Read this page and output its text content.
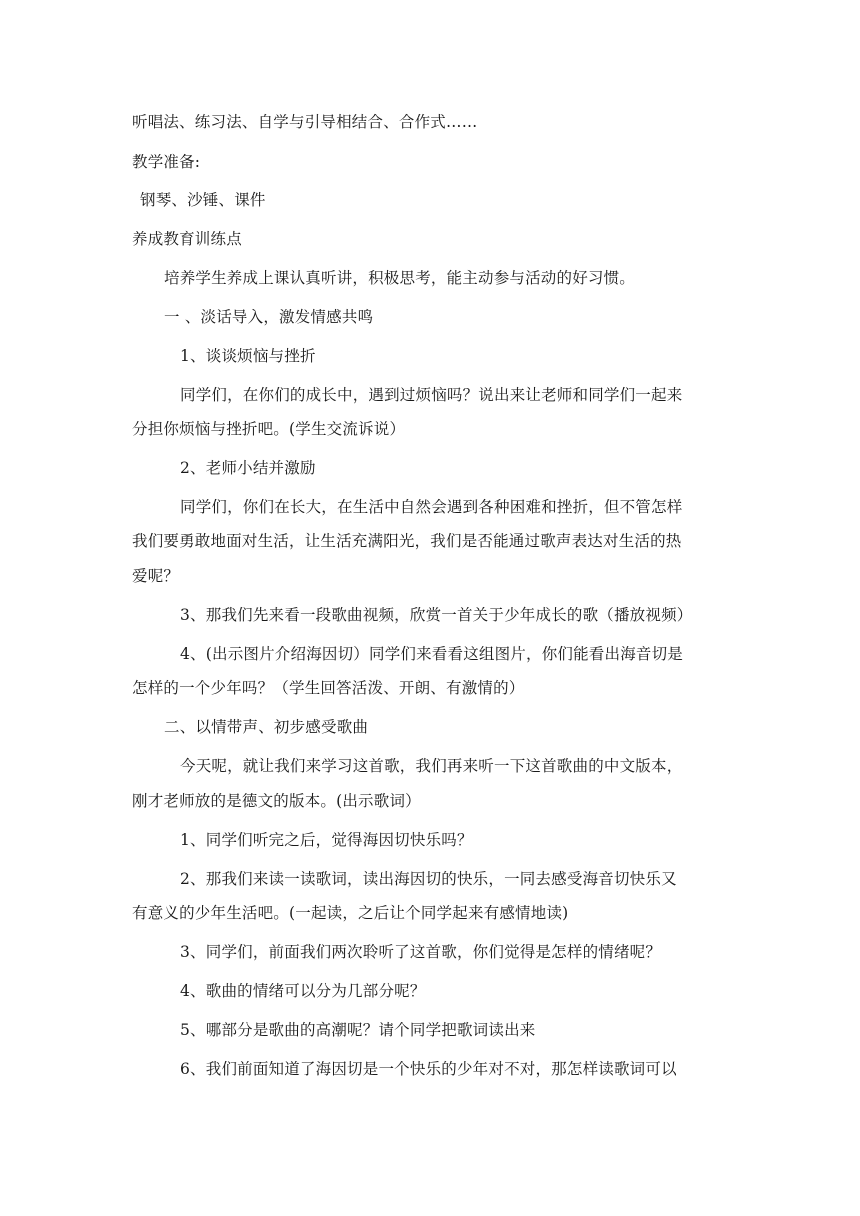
听唱法、练习法、自学与引导相结合、合作式……
教学准备:
钢琴、沙锤、课件
养成教育训练点
培养学生养成上课认真听讲，积极思考，能主动参与活动的好习惯。
一 、淡话导入，激发情感共鸣
1、谈谈烦恼与挫折
同学们，在你们的成长中，遇到过烦恼吗？说出来让老师和同学们一起来
分担你烦恼与挫折吧。(学生交流诉说）
2、老师小结并激励
同学们，你们在长大，在生活中自然会遇到各种困难和挫折，但不管怎样
我们要勇敢地面对生活，让生活充满阳光，我们是否能通过歌声表达对生活的热
爱呢？
3、那我们先来看一段歌曲视频，欣赏一首关于少年成长的歌（播放视频）
4、(出示图片介绍海因切）同学们来看看这组图片，你们能看出海音切是
怎样的一个少年吗？（学生回答活泼、开朗、有激情的）
二、以情带声、初步感受歌曲
今天呢，就让我们来学习这首歌，我们再来听一下这首歌曲的中文版本，
刚才老师放的是德文的版本。(出示歌词）
1、同学们听完之后，觉得海因切快乐吗？
2、那我们来读一读歌词，读出海因切的快乐，一同去感受海音切快乐又
有意义的少年生活吧。(一起读，之后让个同学起来有感情地读)
3、同学们，前面我们两次聆听了这首歌，你们觉得是怎样的情绪呢？
4、歌曲的情绪可以分为几部分呢？
5、哪部分是歌曲的高潮呢？请个同学把歌词读出来
6、我们前面知道了海因切是一个快乐的少年对不对，那怎样读歌词可以
